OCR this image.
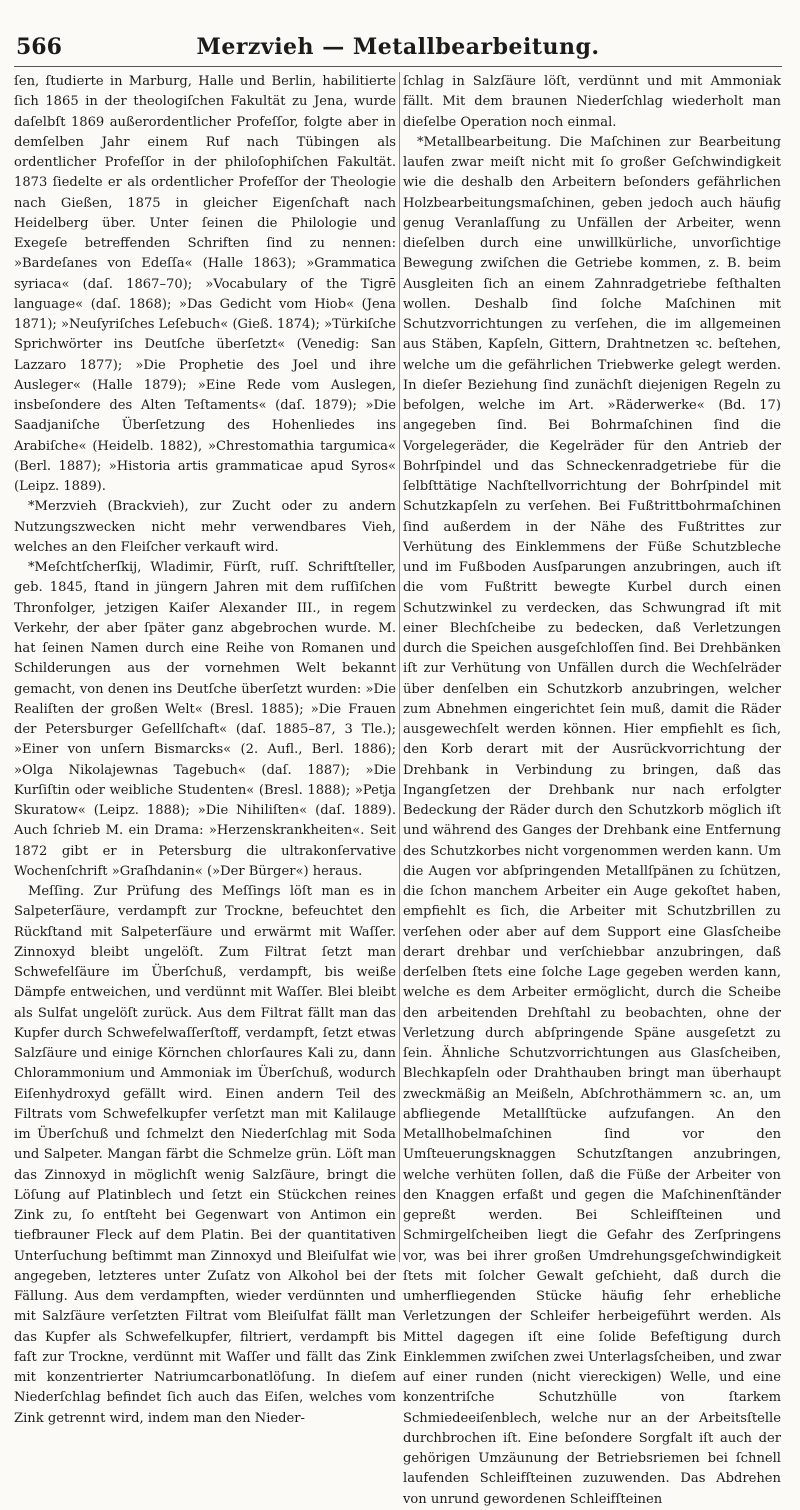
566	Merzvieh — Metallbearbeitung.

ſen, ſtudierte in Marburg, Halle und Berlin, habilitierte ſich 1865 in der theologiſchen Fakultät zu Jena, wurde daſelbſt 1869 außerordentlicher Profeſſor, folgte aber in demſelben Jahr einem Ruf nach Tübingen als ordentlicher Profeſſor in der philoſophiſchen Fakultät. 1873 ſiedelte er als ordentlicher Profeſſor der Theologie nach Gießen, 1875 in gleicher Eigenſchaft nach Heidelberg über. Unter ſeinen die Philologie und Exegeſe betreffenden Schriften ſind zu nennen: »Bardeſanes von Edeſſa« (Halle 1863); »Grammatica syriaca« (daſ. 1867–70); »Vocabulary of the Tigrē language« (daſ. 1868); »Das Gedicht vom Hiob« (Jena 1871); »Neuſyriſches Leſebuch« (Gieß. 1874); »Türkiſche Sprichwörter ins Deutſche überſetzt« (Venedig: San Lazzaro 1877); »Die Prophetie des Joel und ihre Ausleger« (Halle 1879); »Eine Rede vom Auslegen, insbeſondere des Alten Teſtaments« (daſ. 1879); »Die Saadjaniſche Überſetzung des Hohenliedes ins Arabiſche« (Heidelb. 1882), »Chrestomathia targumica« (Berl. 1887); »Historia artis grammaticae apud Syros« (Leipz. 1889).

*Merzvieh (Brackvieh), zur Zucht oder zu andern Nutzungszwecken nicht mehr verwendbares Vieh, welches an den Fleiſcher verkauft wird.

*Meſchtſcherſkij, Wladimir, Fürſt, ruſſ. Schriftſteller, geb. 1845, ſtand in jüngern Jahren mit dem ruſſiſchen Thronfolger, jetzigen Kaiſer Alexander III., in regem Verkehr, der aber ſpäter ganz abgebrochen wurde. M. hat ſeinen Namen durch eine Reihe von Romanen und Schilderungen aus der vornehmen Welt bekannt gemacht, von denen ins Deutſche überſetzt wurden: »Die Realiſten der großen Welt« (Bresl. 1885); »Die Frauen der Petersburger Geſellſchaft« (daſ. 1885–87, 3 Tle.); »Einer von unſern Bismarcks« (2. Aufl., Berl. 1886); »Olga Nikolajewnas Tagebuch« (daſ. 1887); »Die Kurſiſtin oder weibliche Studenten« (Bresl. 1888); »Petja Skuratow« (Leipz. 1888); »Die Nihiliſten« (daſ. 1889). Auch ſchrieb M. ein Drama: »Herzenskrankheiten«. Seit 1872 gibt er in Petersburg die ultrakonſervative Wochenſchrift »Graſhdanin« (»Der Bürger«) heraus.

Meſſing. Zur Prüfung des Meſſings löſt man es in Salpeterſäure, verdampft zur Trockne, befeuchtet den Rückſtand mit Salpeterſäure und erwärmt mit Waſſer. Zinnoxyd bleibt ungelöſt. Zum Filtrat ſetzt man Schwefelſäure im Überſchuß, verdampft, bis weiße Dämpfe entweichen, und verdünnt mit Waſſer. Blei bleibt als Sulfat ungelöſt zurück. Aus dem Filtrat fällt man das Kupfer durch Schwefelwaſſerſtoff, verdampft, ſetzt etwas Salzſäure und einige Körnchen chlorſaures Kali zu, dann Chlorammonium und Ammoniak im Überſchuß, wodurch Eiſenhydroxyd gefällt wird. Einen andern Teil des Filtrats vom Schwefelkupfer verſetzt man mit Kalilauge im Überſchuß und ſchmelzt den Niederſchlag mit Soda und Salpeter. Mangan färbt die Schmelze grün. Löſt man das Zinnoxyd in möglichſt wenig Salzſäure, bringt die Löſung auf Platinblech und ſetzt ein Stückchen reines Zink zu, ſo entſteht bei Gegenwart von Antimon ein tiefbrauner Fleck auf dem Platin. Bei der quantitativen Unterſuchung beſtimmt man Zinnoxyd und Bleiſulfat wie angegeben, letzteres unter Zuſatz von Alkohol bei der Fällung. Aus dem verdampften, wieder verdünnten und mit Salzſäure verſetzten Filtrat vom Bleiſulfat fällt man das Kupfer als Schwefelkupfer, filtriert, verdampft bis faſt zur Trockne, verdünnt mit Waſſer und fällt das Zink mit konzentrierter Natriumcarbonatlöſung. In dieſem Niederſchlag befindet ſich auch das Eiſen, welches vom Zink getrennt wird, indem man den Nieder-

ſchlag in Salzſäure löſt, verdünnt und mit Ammoniak fällt. Mit dem braunen Niederſchlag wiederholt man dieſelbe Operation noch einmal.

*Metallbearbeitung. Die Maſchinen zur Bearbeitung laufen zwar meiſt nicht mit ſo großer Geſchwindigkeit wie die deshalb den Arbeitern beſonders gefährlichen Holzbearbeitungsmaſchinen, geben jedoch auch häufig genug Veranlaſſung zu Unfällen der Arbeiter, wenn dieſelben durch eine unwillkürliche, unvorſichtige Bewegung zwiſchen die Getriebe kommen, z. B. beim Ausgleiten ſich an einem Zahnradgetriebe feſthalten wollen. Deshalb ſind ſolche Maſchinen mit Schutzvorrichtungen zu verſehen, die im allgemeinen aus Stäben, Kapſeln, Gittern, Drahtnetzen ꝛc. beſtehen, welche um die gefährlichen Triebwerke gelegt werden. In dieſer Beziehung ſind zunächſt diejenigen Regeln zu befolgen, welche im Art. »Räderwerke« (Bd. 17) angegeben ſind. Bei Bohrmaſchinen ſind die Vorgelegeräder, die Kegelräder für den Antrieb der Bohrſpindel und das Schneckenradgetriebe für die ſelbſttätige Nachſtellvorrichtung der Bohrſpindel mit Schutzkapſeln zu verſehen. Bei Fußtrittbohrmaſchinen ſind außerdem in der Nähe des Fußtrittes zur Verhütung des Einklemmens der Füße Schutzbleche und im Fußboden Ausſparungen anzubringen, auch iſt die vom Fußtritt bewegte Kurbel durch einen Schutzwinkel zu verdecken, das Schwungrad iſt mit einer Blechſcheibe zu bedecken, daß Verletzungen durch die Speichen ausgeſchloſſen ſind. Bei Drehbänken iſt zur Verhütung von Unfällen durch die Wechſelräder über denſelben ein Schutzkorb anzubringen, welcher zum Abnehmen eingerichtet ſein muß, damit die Räder ausgewechſelt werden können. Hier empfiehlt es ſich, den Korb derart mit der Ausrückvorrichtung der Drehbank in Verbindung zu bringen, daß das Ingangſetzen der Drehbank nur nach erfolgter Bedeckung der Räder durch den Schutzkorb möglich iſt und während des Ganges der Drehbank eine Entfernung des Schutzkorbes nicht vorgenommen werden kann. Um die Augen vor abſpringenden Metallſpänen zu ſchützen, die ſchon manchem Arbeiter ein Auge gekoſtet haben, empfiehlt es ſich, die Arbeiter mit Schutzbrillen zu verſehen oder aber auf dem Support eine Glasſcheibe derart drehbar und verſchiebbar anzubringen, daß derſelben ſtets eine ſolche Lage gegeben werden kann, welche es dem Arbeiter ermöglicht, durch die Scheibe den arbeitenden Drehſtahl zu beobachten, ohne der Verletzung durch abſpringende Späne ausgeſetzt zu ſein. Ähnliche Schutzvorrichtungen aus Glasſcheiben, Blechkapſeln oder Drahthauben bringt man überhaupt zweckmäßig an Meißeln, Abſchrothämmern ꝛc. an, um abfliegende Metallſtücke aufzufangen. An den Metallhobelmaſchinen ſind vor den Umſteuerungsknaggen Schutzſtangen anzubringen, welche verhüten ſollen, daß die Füße der Arbeiter von den Knaggen erfaßt und gegen die Maſchinenſtänder gepreßt werden. Bei Schleifſteinen und Schmirgelſcheiben liegt die Gefahr des Zerſpringens vor, was bei ihrer großen Umdrehungsgeſchwindigkeit ſtets mit ſolcher Gewalt geſchieht, daß durch die umherfliegenden Stücke häufig ſehr erhebliche Verletzungen der Schleifer herbeigeführt werden. Als Mittel dagegen iſt eine ſolide Befeſtigung durch Einklemmen zwiſchen zwei Unterlagsſcheiben, und zwar auf einer runden (nicht viereckigen) Welle, und eine konzentriſche Schutzhülle von ſtarkem Schmiedeeiſenblech, welche nur an der Arbeitsſtelle durchbrochen iſt. Eine beſondere Sorgfalt iſt auch der gehörigen Umzäunung der Betriebsriemen bei ſchnell laufenden Schleifſteinen zuzuwenden. Das Abdrehen von unrund gewordenen Schleifſteinen
